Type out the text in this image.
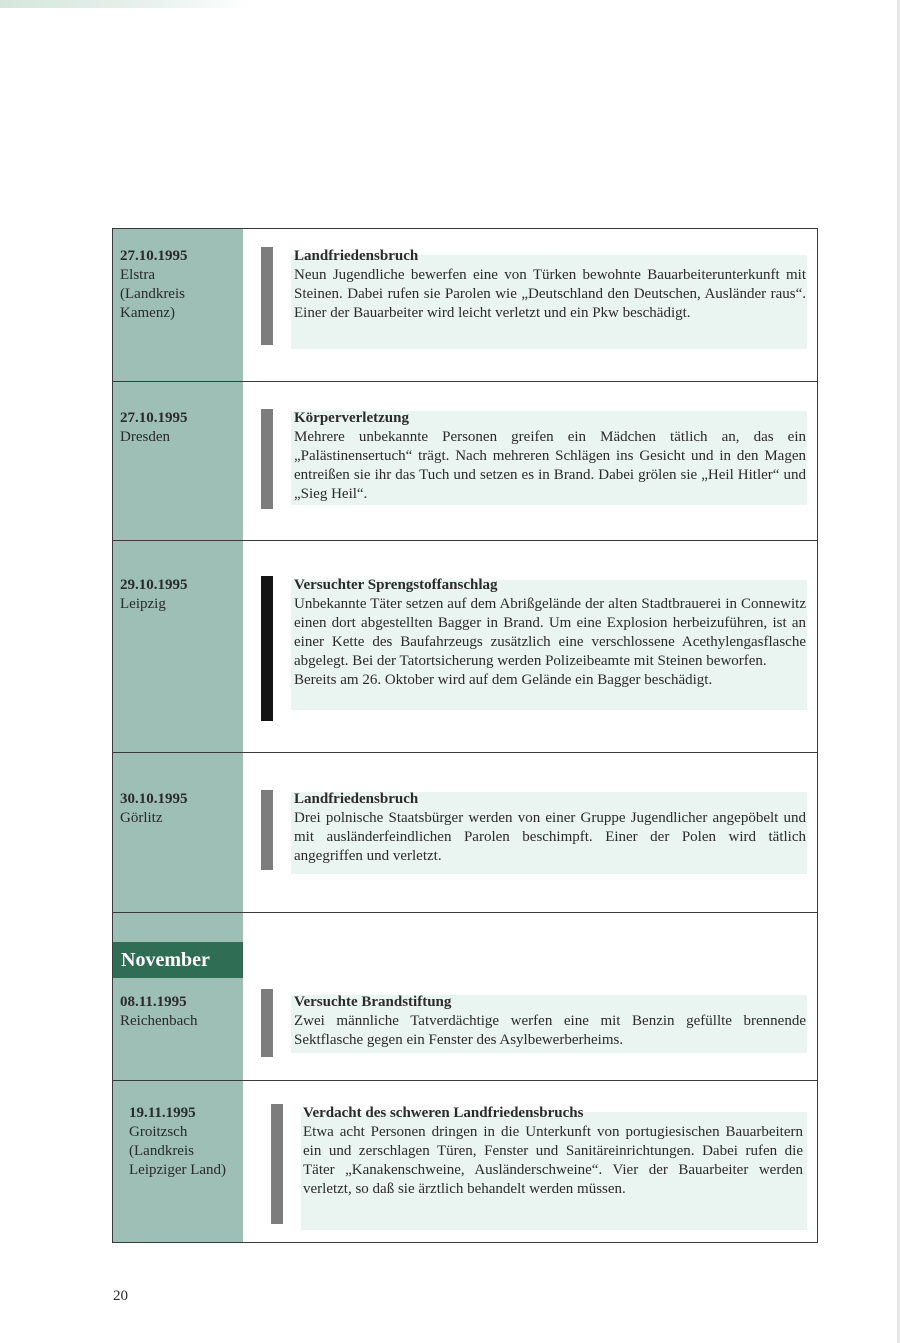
27.10.1995
Elstra
(Landkreis
Kamenz)
Landfriedensbruch
Neun Jugendliche bewerfen eine von Türken bewohnte Bauarbeiterunterkunft mit Steinen. Dabei rufen sie Parolen wie „Deutschland den Deutschen, Ausländer raus“. Einer der Bauarbeiter wird leicht verletzt und ein Pkw beschädigt.
27.10.1995
Dresden
Körperverletzung
Mehrere unbekannte Personen greifen ein Mädchen tätlich an, das ein „Palästinensertuch“ trägt. Nach mehreren Schlägen ins Gesicht und in den Magen entreißen sie ihr das Tuch und setzen es in Brand. Dabei grölen sie „Heil Hitler“ und „Sieg Heil“.
29.10.1995
Leipzig
Versuchter Sprengstoffanschlag
Unbekannte Täter setzen auf dem Abrißgelände der alten Stadtbrauerei in Connewitz einen dort abgestellten Bagger in Brand. Um eine Explosion herbeizuführen, ist an einer Kette des Baufahrzeugs zusätzlich eine verschlossene Acethylengasflasche abgelegt. Bei der Tatortsicherung werden Polizeibeamte mit Steinen beworfen.
Bereits am 26. Oktober wird auf dem Gelände ein Bagger beschädigt.
30.10.1995
Görlitz
Landfriedensbruch
Drei polnische Staatsbürger werden von einer Gruppe Jugendlicher angepöbelt und mit ausländerfeindlichen Parolen beschimpft. Einer der Polen wird tätlich angegriffen und verletzt.
November
08.11.1995
Reichenbach
Versuchte Brandstiftung
Zwei männliche Tatverdächtige werfen eine mit Benzin gefüllte brennende Sektflasche gegen ein Fenster des Asylbewerberheims.
19.11.1995
Groitzsch
(Landkreis
Leipziger Land)
Verdacht des schweren Landfriedensbruchs
Etwa acht Personen dringen in die Unterkunft von portugiesischen Bauarbeitern ein und zerschlagen Türen, Fenster und Sanitäreinrichtungen. Dabei rufen die Täter „Kanakenschweine, Ausländerschweine“. Vier der Bauarbeiter werden verletzt, so daß sie ärztlich behandelt werden müssen.
20
